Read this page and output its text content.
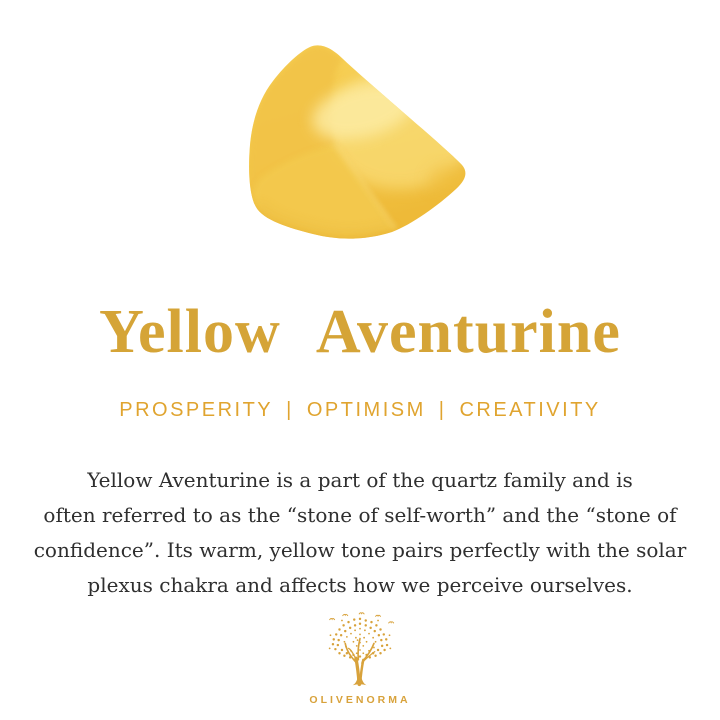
Yellow Aventurine
PROSPERITY | OPTIMISM | CREATIVITY
Yellow Aventurine is a part of the quartz family and is
often referred to as the “stone of self-worth” and the “stone of
confidence”. Its warm, yellow tone pairs perfectly with the solar
plexus chakra and affects how we perceive ourselves.
OLIVENORMA
